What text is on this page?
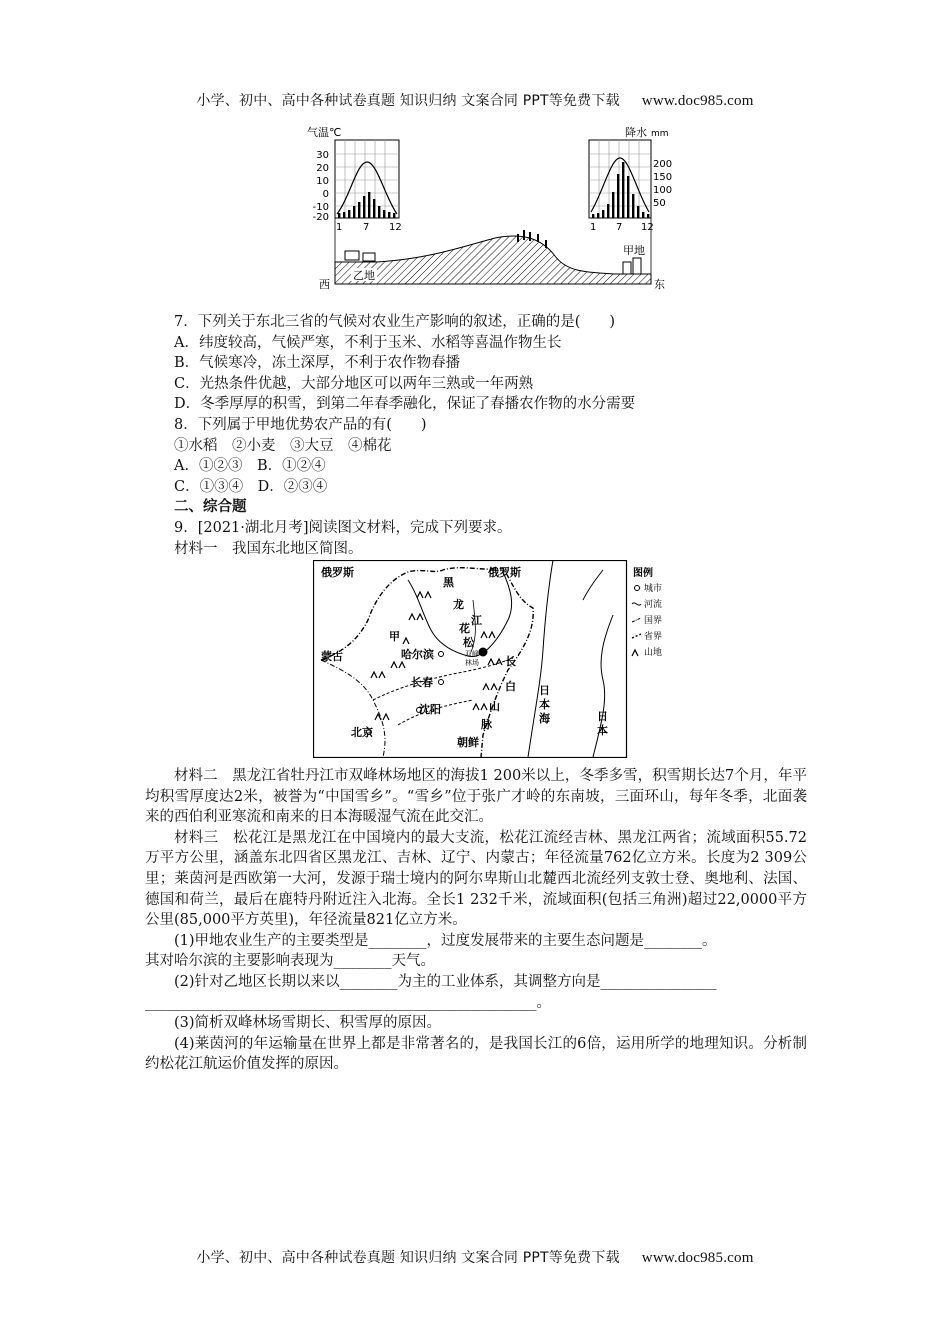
小学、初中、高中各种试卷真题 知识归纳 文案合同 PPT等免费下载 www.doc985.com
气温℃
30
20
10
0
-10
-20
1 7 12
降水 mm
200
150
100
50
1 7 12
乙地
甲地
西	东
7．下列关于东北三省的气候对农业生产影响的叙述，正确的是(　　)
A．纬度较高，气候严寒，不利于玉米、水稻等喜温作物生长
B．气候寒冷，冻土深厚，不利于农作物春播
C．光热条件优越，大部分地区可以两年三熟或一年两熟
D．冬季厚厚的积雪，到第二年春季融化，保证了春播农作物的水分需要
8．下列属于甲地优势农产品的有(　　)
①水稻　②小麦　③大豆　④棉花
A．①②③　B．①②④
C．①③④　D．②③④
二、综合题
9．[2021·湖北月考]阅读图文材料，完成下列要求。
材料一　我国东北地区简图。
俄罗斯	俄罗斯
蒙古
黑
龙
江
松
花
甲
哈尔滨
长春
沈阳
北京
朝鲜
长
白
山
脉
日
本
海	日
本
双峰
林场
图例
城市
河流
国界
省界
山地
材料二　黑龙江省牡丹江市双峰林场地区的海拔1 200米以上，冬季多雪，积雪期长达7个月，年平均积雪厚度达2米，被誉为“中国雪乡”。“雪乡”位于张广才岭的东南坡，三面环山，每年冬季，北面袭来的西伯利亚寒流和南来的日本海暖湿气流在此交汇。
材料三　松花江是黑龙江在中国境内的最大支流，松花江流经吉林、黑龙江两省；流域面积55.72万平方公里，涵盖东北四省区黑龙江、吉林、辽宁、内蒙古；年径流量762亿立方米。长度为2 309公里；莱茵河是西欧第一大河，发源于瑞士境内的阿尔卑斯山北麓西北流经列支敦士登、奥地利、法国、德国和荷兰，最后在鹿特丹附近注入北海。全长1 232千米，流域面积(包括三角洲)超过22,0000平方公里(85,000平方英里)，年径流量821亿立方米。
(1)甲地农业生产的主要类型是________，过度发展带来的主要生态问题是________。
其对哈尔滨的主要影响表现为________天气。
(2)针对乙地区长期以来以________为主的工业体系，其调整方向是________________
______________________________________________________。
(3)简析双峰林场雪期长、积雪厚的原因。
(4)莱茵河的年运输量在世界上都是非常著名的，是我国长江的6倍，运用所学的地理知识。分析制约松花江航运价值发挥的原因。
小学、初中、高中各种试卷真题 知识归纳 文案合同 PPT等免费下载 www.doc985.com
